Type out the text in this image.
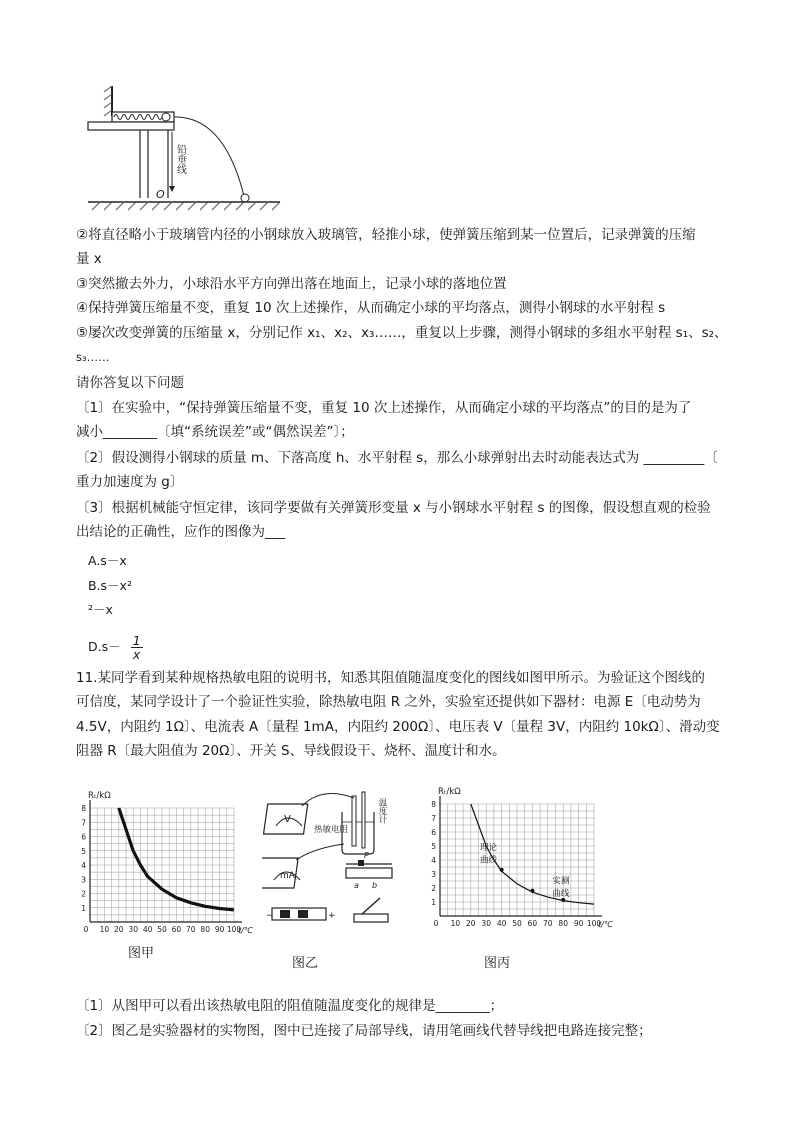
铅垂线
O
②将直径略小于玻璃管内径的小钢球放入玻璃管，轻推小球，使弹簧压缩到某一位置后，记录弹簧的压缩
量 x
③突然撤去外力，小球沿水平方向弹出落在地面上，记录小球的落地位置
④保持弹簧压缩量不变，重复 10 次上述操作，从而确定小球的平均落点，测得小钢球的水平射程 s
⑤屡次改变弹簧的压缩量 x，分别记作 x₁、x₂、x₃……，重复以上步骤，测得小钢球的多组水平射程 s₁、s₂、
s₃……
请你答复以下问题
〔1〕在实验中，“保持弹簧压缩量不变，重复 10 次上述操作，从而确定小球的平均落点”的目的是为了
减小________〔填“系统误差”或“偶然误差”〕；
〔2〕假设测得小钢球的质量 m、下落高度 h、水平射程 s，那么小球弹射出去时动能表达式为 _________〔
重力加速度为 g〕
〔3〕根据机械能守恒定律，该同学要做有关弹簧形变量 x 与小钢球水平射程 s 的图像，假设想直观的检验
出结论的正确性，应作的图像为___
A.s－x
B.s－x²
²－x
$D.s- \frac{1}{x}$
11.某同学看到某种规格热敏电阻的说明书，知悉其阻值随温度变化的图线如图甲所示。为验证这个图线的
可信度，某同学设计了一个验证性实验，除热敏电阻 R 之外，实验室还提供如下器材：电源 E〔电动势为
4.5V，内阻约 1Ω〕、电流表 A〔量程 1mA，内阻约 200Ω〕、电压表 V〔量程 3V，内阻约 10kΩ〕、滑动变
阻器 R〔最大阻值为 20Ω〕、开关 S、导线假设干、烧杯、温度计和水。
10 20 30 40 50 60 70 80 90 100
0
1
2
3
4
5
6
7
8
Rₜ/kΩ
t/℃
图甲
V
mA
热敏电阻
温度计
P
a b
−	+
图乙
10 20 30 40 50 60 70 80 90 100
0
1
2
3
4
5
6
7
8
Rₜ/kΩ
t/℃
理论
曲线
实测
曲线
图丙
〔1〕从图甲可以看出该热敏电阻的阻值随温度变化的规律是________；
〔2〕图乙是实验器材的实物图，图中已连接了局部导线，请用笔画线代替导线把电路连接完整；
